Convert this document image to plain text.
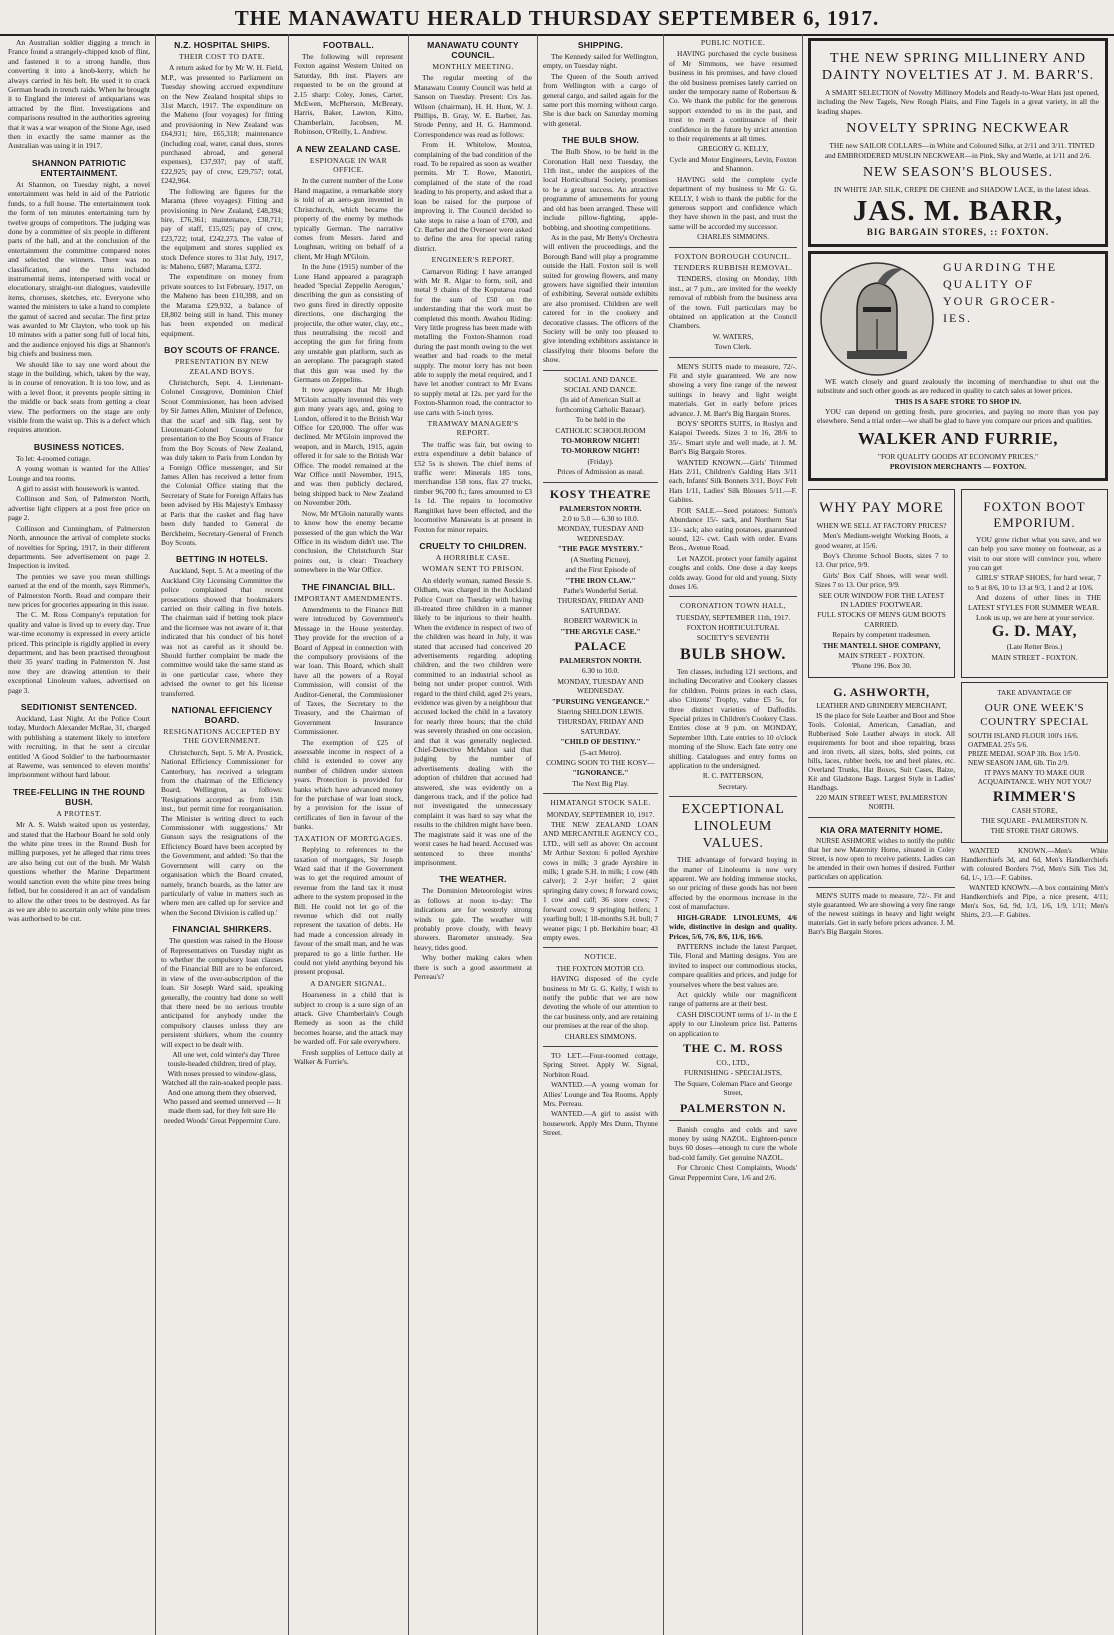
THE MANAWATU HERALD THURSDAY SEPTEMBER 6, 1917.

An Australian soldier digging a trench in France found a strangely-chipped knob of flint, and fastened it to a strong handle, thus converting it into a knob-kerry, which he always carried in his belt. He used it to crack German heads in trench raids. When he brought it to England the interest of antiquarians was attracted by the flint. Investigations and comparisons resulted in the authorities agreeing that it was a war weapon of the Stone Age, used then in exactly the same manner as the Australian was using it in 1917.

SHANNON PATRIOTIC ENTERTAINMENT.

At Shannon, on Tuesday night, a novel entertainment was held in aid of the Patriotic funds, to a full house. The entertainment took the form of ten minutes entertaining turn by twelve groups of competitors. The judging was done by a committee of six people in different parts of the hall, and at the conclusion of the entertainment the committee compared notes and selected the winners. There was no classification, and the turns included instrumental items, interspersed with vocal or elocutionary, straight-out dialogues, vaudeville items, choruses, sketches, etc. Everyone who wanted the ministers to take a hand to complete the gamut of sacred and secular. The first prize was awarded to Mr Clayton, who took up his 10 minutes with a patter song full of local hits, and the audience enjoyed his digs at Shannon's big chiefs and business men.

We should like to say one word about the stage in the building, which, taken by the way, is in course of renovation. It is too low, and as with a level floor, it prevents people sitting in the middle or back seats from getting a clear view. The performers on the stage are only visible from the waist up. This is a defect which requires attention.

BUSINESS NOTICES.

To let: 4-roomed cottage.

A young woman is wanted for the Allies' Lounge and tea rooms.

A girl to assist with housework is wanted.

Collinson and Son, of Palmerston North, advertise light clippers at a post free price on page 2.

Collinson and Cunningham, of Palmerston North, announce the arrival of complete stocks of novelties for Spring, 1917, in their different departments. See advertisement on page 2. Inspection is invited.

The pennies we save you mean shillings earned at the end of the month, says Rimmer's, of Palmerston North. Read and compare their new prices for groceries appearing in this issue.

The C. M. Ross Company's reputation for quality and value is lived up to every day. True war-time economy is expressed in every article priced. This principle is rigidly applied in every department, and has been practised throughout their 35 years' trading in Palmerston N. Just now they are drawing attention to their exceptional Linoleum values, advertised on page 3.

SEDITIONIST SENTENCED.

Auckland, Last Night. At the Police Court today, Murdoch Alexander McRae, 31, charged with publishing a statement likely to interfere with recruiting, in that he sent a circular entitled 'A Good Soldier' to the harbourmaster at Raweme, was sentenced to eleven months' imprisonment without hard labour.

TREE-FELLING IN THE ROUND BUSH.
A PROTEST.

Mr A. S. Walsh waited upon us yesterday, and stated that the Harbour Board he sold only the white pine trees in the Round Bush for milling purposes, yet he alleged that rimu trees are also being cut out of the bush. Mr Walsh questions whether the Marine Department would sanction even the white pine trees being felled, but he considered it an act of vandalism to allow the other trees to be destroyed. As far as we are able to ascertain only white pine trees was authorised to be cut.

N.Z. HOSPITAL SHIPS.
THEIR COST TO DATE.

A return asked for by Mr W. H. Field, M.P., was presented to Parliament on Tuesday showing accrued expenditure on the New Zealand hospital ships to 31st March, 1917. The expenditure on the Maheno (four voyages) for fitting and provisioning in New Zealand was £64,931; hire, £65,318; maintenance (including coal, water, canal dues, stores purchased abroad, and general expenses), £37,937; pay of staff, £22,925; pay of crew, £29,757; total, £242,964.

The following are figures for the Marama (three voyages): Fitting and provisioning in New Zealand, £48,394; hire, £76,361; maintenance, £38,711; pay of staff, £15,025; pay of crew, £23,722; total, £242,273. The value of the equipment and stores supplied ex stock Defence stores to 31st July, 1917, is: Maheno, £687; Marama, £372.

The expenditure on money from private sources to 1st February, 1917, on the Maheno has been £10,398, and on the Marama £29,932, a balance of £8,802 being still in hand. This money has been expended on medical equipment.

BOY SCOUTS OF FRANCE.
PRESENTATION BY NEW ZEALAND BOYS.

Christchurch, Sept. 4. Lieutenant-Colonel Cossgrove, Dominion Chief Scout Commissioner, has been advised by Sir James Allen, Minister of Defence, that the scarf and silk flag, sent by Lieutenant-Colonel Cossgrove for presentation to the Boy Scouts of France from the Boy Scouts of New Zealand, was duly taken to Paris from London by a Foreign Office messenger, and Sir James Allen has received a letter from the Colonial Office stating that the Secretary of State for Foreign Affairs has been advised by His Majesty's Embassy at Paris that the casket and flag have been duly handed to General de Berckheim, Secretary-General of French Boy Scouts.

BETTING IN HOTELS.

Auckland, Sept. 5. At a meeting of the Auckland City Licensing Committee the police complained that recent prosecutions showed that bookmakers carried on their calling in five hotels. The chairman said if betting took place and the licensee was not aware of it, that indicated that his conduct of his hotel was not as careful as it should be. Should further complaint be made the committee would take the same stand as in one particular case, where they advised the owner to get his license transferred.

NATIONAL EFFICIENCY BOARD.
RESIGNATIONS ACCEPTED BY THE GOVERNMENT.

Christchurch, Sept. 5. Mr A. Prostick, National Efficiency Commissioner for Canterbury, has received a telegram from the chairman of the Efficiency Board, Wellington, as follows: 'Resignations accepted as from 15th inst., but permit time for reorganisation. The Minister is writing direct to each Commissioner with suggestions.' Mr Gunson says the resignations of the Efficiency Board have been accepted by the Government, and added: 'So that the Government will carry on the organisation which the Board created, namely, branch boards, as the latter are particularly of value in matters such as where men are called up for service and when the Second Division is called up.'

FINANCIAL SHIRKERS.

The question was raised in the House of Representatives on Tuesday night as to whether the compulsory loan clauses of the Financial Bill are to be enforced, in view of the over-subscription of the loan. Sir Joseph Ward said, speaking generally, the country had done so well that there need be no serious trouble anticipated for anybody under the compulsory clauses unless they are persistent shirkers, whom the country will expect to be dealt with.

All one wet, cold winter's day Three tousle-headed children, tired of play, With noses pressed to window-glass, Watched all the rain-soaked people pass. And one among them they observed, Who passed and seemed unnerved — It made them sad, for they felt sure He needed Woods' Great Peppermint Cure.

FOOTBALL.

The following will represent Foxton against Western United on Saturday, 8th inst. Players are requested to be on the ground at 2.15 sharp: Coley, Jones, Carter, McEwen, McPherson, McBreaty, Harris, Baker, Lawton, Kitto, Chamberlain, Jacobsen, M. Robinson, O'Reilly, L. Andrew.

A NEW ZEALAND CASE.
ESPIONAGE IN WAR OFFICE.

In the current number of the Lone Hand magazine, a remarkable story is told of an aero-gun invented in Christchurch, which became the property of the enemy by methods typically German. The narrative comes from Messrs. Jared and Loughnan, writing on behalf of a client, Mr Hugh M'Gloin.

In the June (1915) number of the Lone Hand appeared a paragraph headed 'Special Zeppelin Aerogun,' describing the gun as consisting of two guns fired in directly opposite directions, one discharging the projectile, the other water, clay, etc., thus neutralising the recoil and accepting the gun for firing from any unstable gun platform, such as an aeroplane. The paragraph stated that this gun was used by the Germans on Zeppelins.

It now appears that Mr Hugh M'Gloin actually invented this very gun many years ago, and, going to London, offered it to the British War Office for £20,000. The offer was declined. Mr M'Gloin improved the weapon, and in March, 1915, again offered it for sale to the British War Office. The model remained at the War Office until November, 1915, and was then publicly declared, being shipped back to New Zealand on November 20th.

Now, Mr M'Gloin naturally wants to know how the enemy became possessed of the gun which the War Office in its wisdom didn't use. The conclusion, the Christchurch Star points out, is clear: Treachery somewhere in the War Office.

THE FINANCIAL BILL.
IMPORTANT AMENDMENTS.

Amendments to the Finance Bill were introduced by Government's Message in the House yesterday. They provide for the erection of a Board of Appeal in connection with the compulsory provisions of the war loan. This Board, which shall have all the powers of a Royal Commission, will consist of the Auditor-General, the Commissioner of Taxes, the Secretary to the Treasury, and the Chairman of Government Insurance Commissioner.

The exemption of £25 of assessable income in respect of a child is extended to cover any number of children under sixteen years. Protection is provided for banks which have advanced money for the purchase of war loan stock, by a provision for the issue of certificates of lien in favour of the banks.

TAXATION OF MORTGAGES.

Replying to references to the taxation of mortgages, Sir Joseph Ward said that if the Government was to get the required amount of revenue from the land tax it must adhere to the system proposed in the Bill. He could not let go of the revenue which did not really represent the taxation of debts. He had made a concession already in favour of the small man, and he was prepared to go a little further. He could not yield anything beyond his present proposal.

A DANGER SIGNAL.

Hoarseness in a child that is subject to croup is a sure sign of an attack. Give Chamberlain's Cough Remedy as soon as the child becomes hoarse, and the attack may be warded off. For sale everywhere.

Fresh supplies of Lettuce daily at Walker & Furrie's.

MANAWATU COUNTY COUNCIL.
MONTHLY MEETING.

The regular meeting of the Manawatu County Council was held at Sanson on Tuesday. Present: Crs Jas. Wilson (chairman), H. H. Hunt, W. J. Phillips, B. Gray, W. E. Barber, Jas. Strode Penny, and H. G. Hammond. Correspondence was read as follows:

From H. Whitelow, Moutoa, complaining of the bad condition of the road. To be repaired as soon as weather permits. Mr T. Rowe, Manotiri, complained of the state of the road leading to his property, and asked that a loan be raised for the purpose of improving it. The Council decided to take steps to raise a loan of £700, and Cr. Barber and the Overseer were asked to define the area for special rating district.

ENGINEER'S REPORT.

Carnarvon Riding: I have arranged with Mr R. Algar to form, soil, and metal 9 chains of the Koputaroa road for the sum of £50 on the understanding that the work must be completed this month. Awahou Riding: Very little progress has been made with metalling the Foxton-Shannon road during the past month owing to the wet weather and bad roads to the metal supply. The motor lorry has not been able to supply the metal required, and I have let another contract to Mr Evans to supply metal at 12s. per yard for the Foxton-Shannon road, the contractor to use carts with 5-inch tyres.

TRAMWAY MANAGER'S REPORT.

The traffic was fair, but owing to extra expenditure a debit balance of £52 5s is shown. The chief items of traffic were: Minerals 185 tons, merchandise 158 tons, flax 27 trucks, timber 96,700 ft.; fares amounted to £3 1s 1d. The repairs to locomotive Rangitikei have been effected, and the locomotive Manawatu is at present in Foxton for minor repairs.

CRUELTY TO CHILDREN.
A HORRIBLE CASE.
WOMAN SENT TO PRISON.

An elderly woman, named Bessie S. Oldham, was charged in the Auckland Police Court on Tuesday with having ill-treated three children in a manner likely to be injurious to their health. When the evidence in respect of two of the children was heard in July, it was stated that accused had conceived 20 advertisements regarding adopting children, and the two children were committed to an industrial school as being not under proper control. With regard to the third child, aged 2½ years, evidence was given by a neighbour that accused locked the child in a lavatory for nearly three hours; that the child was severely thrashed on one occasion, and that it was generally neglected. Chief-Detective McMahon said that judging by the number of advertisements dealing with the adoption of children that accused had answered, she was evidently on a dangerous track, and if the police had not investigated the unnecessary complaint it was hard to say what the results to the children might have been. The magistrate said it was one of the worst cases he had heard. Accused was sentenced to three months' imprisonment.

THE WEATHER.

The Dominion Meteorologist wires as follows at noon to-day: The indications are for westerly strong winds to gale. The weather will probably prove cloudy, with heavy showers. Barometer unsteady. Sea heavy, tides good.

Why bother making cakes when there is such a good assortment at Perreau's?

SHIPPING.

The Kennedy sailed for Wellington, empty, on Tuesday night.

The Queen of the South arrived from Wellington with a cargo of general cargo, and sailed again for the same port this morning without cargo. She is due back on Saturday morning with general.

THE BULB SHOW.

The Bulb Show, to be held in the Coronation Hall next Tuesday, the 11th inst., under the auspices of the local Horticultural Society, promises to be a great success. An attractive programme of amusements for young and old has been arranged. These will include pillow-fighting, apple-bobbing, and shooting competitions.

As in the past, Mr Betty's Orchestra will enliven the proceedings, and the Borough Band will play a programme outside the Hall. Foxton soil is well suited for growing flowers, and many growers have signified their intention of exhibiting. Several outside exhibits are also promised. Children are well catered for in the cookery and decorative classes. The officers of the Society will be only too pleased to give intending exhibitors assistance in classifying their blooms before the show.

SOCIAL AND DANCE.
SOCIAL AND DANCE.
(In aid of American Stall at forthcoming Catholic Bazaar).
To be held in the
CATHOLIC SCHOOLROOM
TO-MORROW NIGHT!
TO-MORROW NIGHT!
(Friday).
Prices of Admission as usual.
KOSY THEATRE
PALMERSTON NORTH.
2.0 to 5.0 — 6.30 to 10.0.
MONDAY, TUESDAY AND WEDNESDAY.
"THE PAGE MYSTERY."
(A Sterling Picture),
and the First Episode of
"THE IRON CLAW."
Pathe's Wonderful Serial.
THURSDAY, FRIDAY AND SATURDAY.
ROBERT WARWICK in
"THE ARGYLE CASE."
PALACE
PALMERSTON NORTH.
6.30 to 10.0.
MONDAY, TUESDAY AND WEDNESDAY.
"PURSUING VENGEANCE."
Starring SHELDON LEWIS.
THURSDAY, FRIDAY AND SATURDAY.
"CHILD OF DESTINY."
(5-act Metro).
COMING SOON TO THE KOSY—
"IGNORANCE."
The Next Big Play.
HIMATANGI STOCK SALE.
MONDAY, SEPTEMBER 10, 1917.

THE NEW ZEALAND LOAN AND MERCANTILE AGENCY CO., LTD., will sell as above: On account Mr Arthur Sexton: 6 polled Ayrshire cows in milk; 3 grade Ayrshire in milk; 1 grade S.H. in milk; 1 cow (4th calver); 2 2-yr heifer; 2 quiet springing dairy cows; 8 forward cows; 1 cow and calf; 36 store cows; 7 forward cows; 9 springing heifers; 1 yearling bull; 1 18-months S.H. bull; 7 weaner pigs; 1 pb. Berkshire boar; 43 empty ewes.

NOTICE.
THE FOXTON MOTOR CO.

HAVING disposed of the cycle business to Mr G. G. Kelly, I wish to notify the public that we are now devoting the whole of our attention to the car business only, and are retaining our premises at the rear of the shop.

CHARLES SIMMONS.

TO LET.—Four-roomed cottage, Spring Street. Apply W. Signal, Norbiton Road.

WANTED.—A young woman for Allies' Lounge and Tea Rooms. Apply Mrs. Perreau.

WANTED.—A girl to assist with housework. Apply Mrs Dunn, Thynne Street.

PUBLIC NOTICE.

HAVING purchased the cycle business of Mr Simmons, we have resumed business in his premises, and have closed the old business premises lately carried on under the temporary name of Robertson & Co. We thank the public for the generous support extended to us in the past, and trust to merit a continuance of their confidence in the future by strict attention to their requirements at all times.

GREGORY G. KELLY,
Cycle and Motor Engineers, Levin, Foxton and Shannon.

HAVING sold the complete cycle department of my business to Mr G. G. KELLY, I wish to thank the public for the generous support and confidence which they have shown in the past, and trust the same will be accorded my successor.

CHARLES SIMMONS.
FOXTON BOROUGH COUNCIL.
TENDERS RUBBISH REMOVAL.

TENDERS, closing on Monday, 10th inst., at 7 p.m., are invited for the weekly removal of rubbish from the business area of the town. Full particulars may be obtained on application at the Council Chambers.

W. WATERS,
Town Clerk.

MEN'S SUITS made to measure, 72/-. Fit and style guaranteed. We are now showing a very fine range of the newest suitings in heavy and light weight materials. Get in early before prices advance. J. M. Barr's Big Bargain Stores.

BOYS' SPORTS SUITS, in Roslyn and Kaiapoi Tweeds. Sizes 3 to 16, 28/6 to 35/-. Smart style and well made, at J. M. Barr's Big Bargain Stores.

WANTED KNOWN.—Girls' Trimmed Hats 2/11, Children's Galding Hats 3/11 each, Infants' Silk Bonnets 3/11, Boys' Felt Hats 1/11, Ladies' Silk Blouses 5/11.—F. Gabites.

FOR SALE.—Seed potatoes: Sutton's Abundance 15/- sack, and Northern Star 13/- sack; also eating potatoes, guaranteed sound, 12/- cwt. Cash with order. Evans Bros., Avenue Road.

Let NAZOL protect your family against coughs and colds. One dose a day keeps colds away. Good for old and young. Sixty doses 1/6.

CORONATION TOWN HALL,
TUESDAY, SEPTEMBER 11th, 1917.
FOXTON HORTICULTURAL SOCIETY'S SEVENTH
BULB SHOW.

Ten classes, including 121 sections, and including Decorative and Cookery classes for children. Points prizes in each class, also Citizens' Trophy, value £5 5s, for three distinct varieties of Daffodils. Special prizes in Children's Cookery Class. Entries close at 9 p.m. on MONDAY, September 10th. Late entries to 10 o'clock morning of the Show. Each fate entry one shilling. Catalogues and entry forms on application to the undersigned.

R. C. PATTERSON,
Secretary.
EXCEPTIONAL LINOLEUM VALUES.

THE advantage of forward buying in the matter of Linoleums is now very apparent. We are holding immense stocks, so our pricing of these goods has not been affected by the enormous increase in the cost of manufacture.

HIGH-GRADE LINOLEUMS, 4/6 wide, distinctive in design and quality. Prices, 5/6, 7/6, 8/6, 11/6, 16/6.

PATTERNS include the latest Parquet, Tile, Floral and Matting designs. You are invited to inspect our commodious stocks, compare qualities and prices, and judge for yourselves where the best values are.

Act quickly while our magnificent range of patterns are at their best.

CASH DISCOUNT terms of 1/- in the £ apply to our Linoleum price list. Patterns on application to

THE C. M. ROSS
CO., LTD.,
FURNISHING - SPECIALISTS,
The Square, Coleman Place and George Street,
PALMERSTON N.

Banish coughs and colds and save money by using NAZOL. Eighteen-pence buys 60 doses—enough to cure the whole bad-cold family. Get genuine NAZOL.

For Chronic Chest Complaints, Woods' Great Peppermint Cure, 1/6 and 2/6.

THE NEW SPRING MILLINERY AND DAINTY NOVELTIES AT J. M. BARR'S.

A SMART SELECTION of Novelty Millinery Models and Ready-to-Wear Hats just opened, including the New Tagels, New Rough Plaits, and Fine Tagels in a great variety, in all the leading shapes.

NOVELTY SPRING NECKWEAR

THE new SAILOR COLLARS—in White and Coloured Silks, at 2/11 and 3/11. TINTED and EMBROIDERED MUSLIN NECKWEAR—in Pink, Sky and Wattle, at 1/11 and 2/6.

NEW SEASON'S BLOUSES.

IN WHITE JAP. SILK, CREPE DE CHENE and SHADOW LACE, in the latest ideas.

JAS. M. BARR,
BIG BARGAIN STORES, :: FOXTON.
GUARDING THE
QUALITY OF
YOUR GROCER-
IES.

WE watch closely and guard zealously the incoming of merchandise to shut out the substitute and such other goods as are reduced in quality to catch sales at lower prices.

THIS IS A SAFE STORE TO SHOP IN.

YOU can depend on getting fresh, pure groceries, and paying no more than you pay elsewhere. Send a trial order—we shall be glad to have you compare our prices and qualities.

WALKER AND FURRIE,
"FOR QUALITY GOODS AT ECONOMY PRICES."
PROVISION MERCHANTS — FOXTON.
WHY PAY MORE
WHEN WE SELL AT FACTORY PRICES?

Men's Medium-weight Working Boots, a good wearer, at 15/6.

Boy's Chrome School Boots, sizes 7 to 13. Our price, 9/9.

Girls' Box Calf Shoes, will wear well. Sizes 7 to 13. Our price, 9/9.

SEE OUR WINDOW FOR THE LATEST IN LADIES' FOOTWEAR.
FULL STOCKS OF MEN'S GUM BOOTS CARRIED.
Repairs by competent tradesmen.
THE MANTELL SHOE COMPANY,
MAIN STREET - FOXTON.
'Phone 196. Box 30.
FOXTON BOOT EMPORIUM.

YOU grow richer what you save, and we can help you save money on footwear, as a visit to our store will convince you, where you can get

GIRLS' STRAP SHOES, for hard wear, 7 to 9 at 8/6, 10 to 13 at 9/3, 1 and 2 at 10/6.

And dozens of other lines in THE LATEST STYLES FOR SUMMER WEAR.

Look us up, we are here at your service.

G. D. MAY,
(Late Retter Bros.)
MAIN STREET - FOXTON.
G. ASHWORTH,
LEATHER AND GRINDERY MERCHANT,

IS the place for Sole Leather and Boot and Shoe Tools. Colonial, American, Canadian, and Rubberised Sole Leather always in stock. All requirements for boot and shoe repairing, brass and iron rivets, all sizes, bolts, sled points, cut bills, laces, rubber heels, toe and heel plates, etc. Overland Trunks, Hat Boxes, Suit Cases, Baize, Kit and Gladstone Bags. Largest Style in Ladies' Handbags.

220 MAIN STREET WEST, PALMERSTON NORTH.
KIA ORA MATERNITY HOME.

NURSE ASHMORE wishes to notify the public that her new Maternity Home, situated in Coley Street, is now open to receive patients. Ladies can be attended in their own homes if desired. Further particulars on application.

MEN'S SUITS made to measure, 72/-. Fit and style guaranteed. We are showing a very fine range of the newest suitings in heavy and light weight materials. Get in early before prices advance. J. M. Barr's Big Bargain Stores.

TAKE ADVANTAGE OF
OUR ONE WEEK'S COUNTRY SPECIAL
SOUTH ISLAND FLOUR 100's 16/6.
OATMEAL 25's 5/6.
PRIZE MEDAL SOAP 3lb. Box 1/5/0.
NEW SEASON JAM, 6lb. Tin 2/9.
IT PAYS MANY TO MAKE OUR ACQUAINTANCE. WHY NOT YOU?
RIMMER'S
CASH STORE,
THE SQUARE - PALMERSTON N.
THE STORE THAT GROWS.

WANTED KNOWN.—Men's White Handkerchiefs 3d, and 6d, Men's Handkerchiefs with coloured Borders 7½d, Men's Silk Ties 3d, 6d, 1/-, 1/3.—F. Gabites.

WANTED KNOWN.—A box containing Men's Handkerchiefs and Pipe, a nice present, 4/11; Men's Sox, 6d, 9d, 1/3, 1/6, 1/9, 1/11; Men's Shirts, 2/3.—F. Gabites.
